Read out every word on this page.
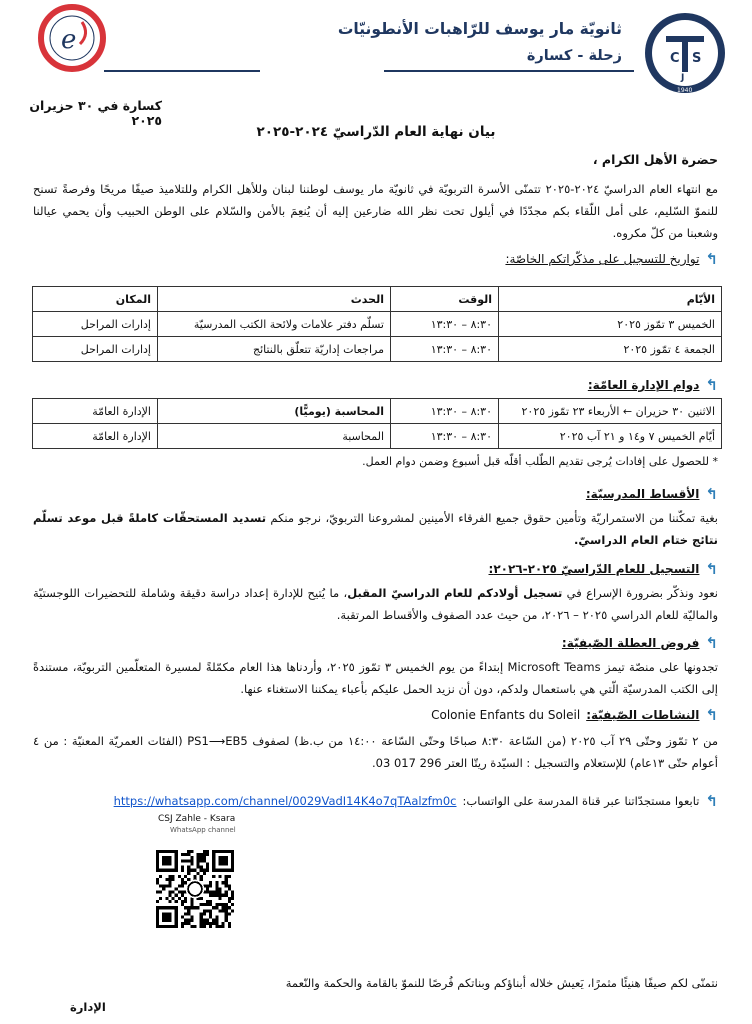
C S
J
1940
ثانويّة مار يوسف للرّاهبات الأنطونيّات
زحلة - كسارة
e
كسارة في ٣٠ حزيران ٢٠٢٥
بيان نهاية العام الدّراسيّ ٢٠٢٤-٢٠٢٥
حضرة الأهل الكرام ،
مع انتهاء العام الدراسيّ ٢٠٢٤-٢٠٢٥ تتمنّى الأسرة التربويّة في ثانويّة مار يوسف لوطننا لبنان وللأهل الكرام وللتلاميذ صيفًا مريحًا وفرصةً تسنح للنموّ السّليم، على أمل اللّقاء بكم مجدّدًا في أيلول تحت نظر الله ضارعين إليه أن يُنعِمَ بالأمن والسّلام على الوطن الحبيب وأن يحمي عيالنا وشعبنا من كلّ مكروه.
↰
تواريخ للتسجيل على مذكّراتكم الخاصّة:
الأيّام	الوقت	الحدث	المكان
الخميس ٣ تمّوز ٢٠٢٥	٨:٣٠ – ١٣:٣٠	تسلّم دفتر علامات ولائحة الكتب المدرسيّة	إدارات المراحل
الجمعة ٤ تمّوز ٢٠٢٥	٨:٣٠ – ١٣:٣٠	مراجعات إداريّة تتعلّق بالنتائج	إدارات المراحل
↰
دوام الإدارة العامّة:
الاثنين ٣٠ حزيران ← الأربعاء ٢٣ تمّوز ٢٠٢٥	٨:٣٠ – ١٣:٣٠	المحاسبة (يوميًّا)	الإدارة العامّة
أيّام الخميس ٧ و١٤ و ٢١ آب ٢٠٢٥	٨:٣٠ – ١٣:٣٠	المحاسبة	الإدارة العامّة
* للحصول على إفادات يُرجى تقديم الطّلب أقلّه قبل أسبوع وضمن دوام العمل.
↰
الأقساط المدرسيّة:
بغية تمكّننا من الاستمراريّة وتأمين حقوق جميع الفرقاء الأمينين لمشروعنا التربويّ، نرجو منكم تسديد المستحقّات كاملةً قبل موعد تسلّم نتائج ختام العام الدراسيّ.
↰
التسجيل للعام الدّراسيّ ٢٠٢٥-٢٠٢٦:
نعود ونذكّر بضرورة الإسراع في تسجيل أولادكم للعام الدراسيّ المقبل، ما يُتيح للإدارة إعداد دراسة دقيقة وشاملة للتحضيرات اللوجستيّة والماليّة للعام الدراسي ٢٠٢٥ – ٢٠٢٦، من حيث عدد الصفوف والأقساط المرتقبة.
↰
فروض العطلة الصّيفيّة:
تجدونها على منصّة تيمز Microsoft Teams إبتداءً من يوم الخميس ٣ تمّوز ٢٠٢٥، وأردناها هذا العام مكمّلةً لمسيرة المتعلّمين التربويّة، مستندةً إلى الكتب المدرسيّة الّتي هي باستعمال ولدكم، دون أن نزيد الحمل عليكم بأعباء يمكننا الاستغناء عنها.
↰
النشاطات الصّيفيّة:
Colonie Enfants du Soleil
من ٢ تمّوز وحتّى ٢٩ آب ٢٠٢٥ (من السّاعة ٨:٣٠ صباحًا وحتّى السّاعة ١٤:٠٠ من ب.ظ) لصفوف PS1⟶EB5 (الفئات العمريّة المعنيّة : من ٤ أعوام حتّى ١٣عام) للإستعلام والتسجيل : السيّدة ريتّا العتر 296 017 03.
↰
تابعوا مستجدّاتنا عبر قناة المدرسة على الواتساب:
https://whatsapp.com/channel/0029VadI14K4o7qTAalzfm0c
CSJ Zahle - Ksara
WhatsApp channel
نتمنّى لكم صيفًا هنيئًا مثمرًا، يَعيش خلاله أبناؤكم وبناتكم فُرصًا للنموّ بالقامة والحكمة والنّعمة
الإدارة
